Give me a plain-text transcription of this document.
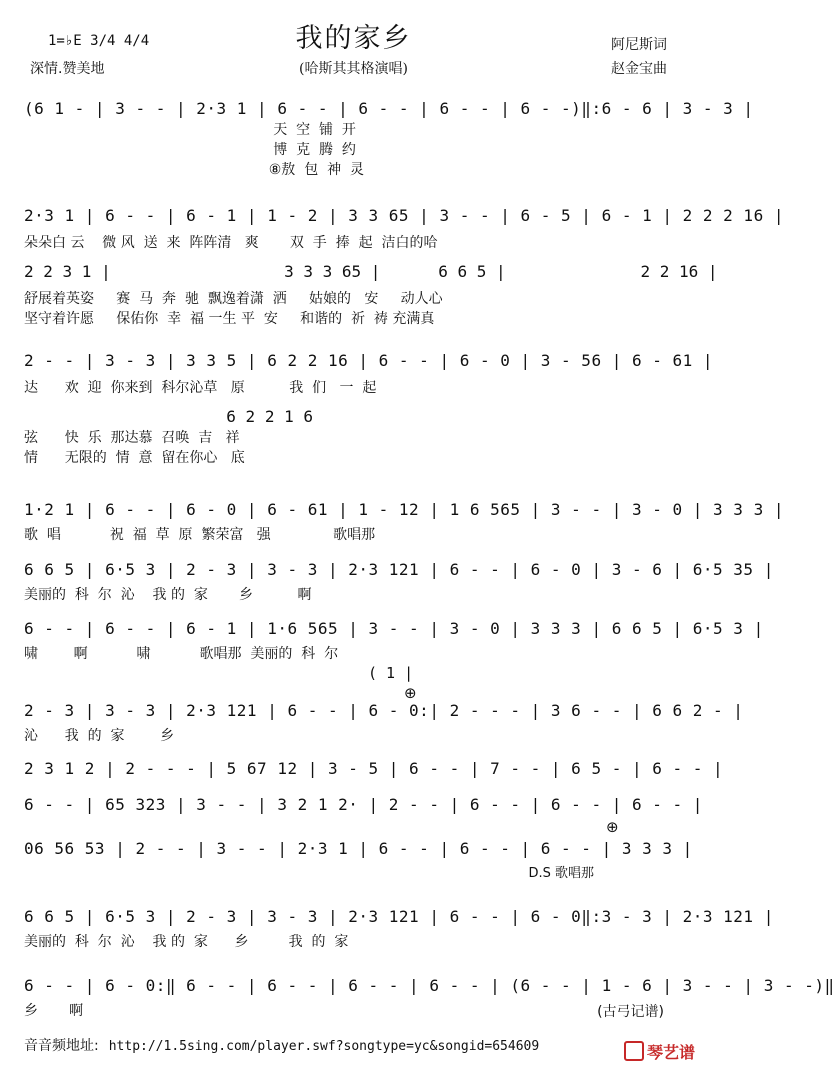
我的家乡
(哈斯其其格演唱)
1=♭E 3/4 4/4
深情.赞美地
阿尼斯词
赵金宝曲
(6 1 - | 3 - - | 2·3 1 | 6 - - | 6 - - | 6 - - | 6 - -)‖:6 - 6 | 3 - 3 |
天  空  铺  开
博  克  腾  约
⑧敖  包  神  灵
2·3 1 | 6 - - | 6 - 1 | 1 - 2 | 3 3 65 | 3 - - | 6 - 5 | 6 - 1 | 2 2 2 16 |
朵朵白 云    微 风  送  来  阵阵清   爽       双  手  捧  起  洁白的哈
2 2 3 1 |                  3 3 3 65 |      6 6 5 |              2 2 16 |
舒展着英姿     赛  马  奔  驰  飘逸着潇  洒     姑娘的   安     动人心
坚守着许愿     保佑你  幸  福 一生 平  安     和谐的  祈  祷 充满真
2 - - | 3 - 3 | 3 3 5 | 6 2 2 16 | 6 - - | 6 - 0 | 3 - 56 | 6 - 61 |
达      欢  迎  你来到  科尔沁草   原          我  们   一  起
6 2 2 1 6
弦      快  乐  那达慕  召唤  吉   祥
情      无限的  情  意  留在你心   底
1·2 1 | 6 - - | 6 - 0 | 6 - 61 | 1 - 12 | 1 6 565 | 3 - - | 3 - 0 | 3 3 3 |
歌  唱           祝  福  草  原  繁荣富   强              歌唱那
6 6 5 | 6·5 3 | 2 - 3 | 3 - 3 | 2·3 121 | 6 - - | 6 - 0 | 3 - 6 | 6·5 35 |
美丽的  科  尔  沁    我 的  家       乡          啊
6 - - | 6 - - | 6 - 1 | 1·6 565 | 3 - - | 3 - 0 | 3 3 3 | 6 6 5 | 6·5 3 |
啸        啊           啸           歌唱那  美丽的  科  尔
( 1 |
⊕
2 - 3 | 3 - 3 | 2·3 121 | 6 - - | 6 - 0:| 2 - - - | 3 6 - - | 6 6 2 - |
沁      我  的  家        乡
2 3 1 2 | 2 - - - | 5 67 12 | 3 - 5 | 6 - - | 7 - - | 6 5 - | 6 - - |
6 - - | 65 323 | 3 - - | 3 2 1 2· | 2 - - | 6 - - | 6 - - | 6 - - |
⊕
06 56 53 | 2 - - | 3 - - | 2·3 1 | 6 - - | 6 - - | 6 - - | 3 3 3 |
D.S 歌唱那
6 6 5 | 6·5 3 | 2 - 3 | 3 - 3 | 2·3 121 | 6 - - | 6 - 0‖:3 - 3 | 2·3 121 |
美丽的  科  尔  沁    我 的  家      乡         我  的  家
6 - - | 6 - 0:‖ 6 - - | 6 - - | 6 - - | 6 - - | (6 - - | 1 - 6 | 3 - - | 3 - -)‖
乡       啊	(古弓记谱)
音音频地址: http://1.5sing.com/player.swf?songtype=yc&songid=654609	琴艺谱
